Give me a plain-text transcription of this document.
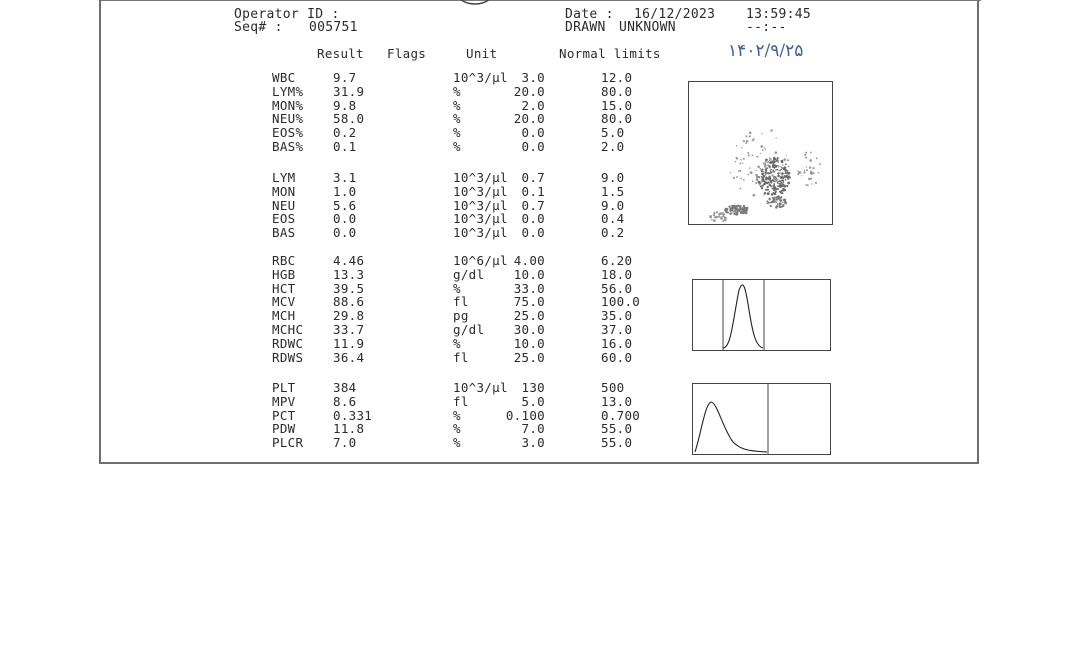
Operator ID :
Seq# : 005751
Date : 16/12/2023 13:59:45
DRAWN UNKNOWN	--:--
Result Flags	Unit	Normal limits	۱۴۰۲/۹/۲۵
WBC	9.7	10^3/µl	3.0	12.0
LYM% 31.9	%	20.0	80.0
MON% 9.8	%	2.0	15.0
NEU% 58.0	%	20.0	80.0
EOS% 0.2	%	0.0	5.0
BAS% 0.1	%	0.0	2.0
LYM	3.1	10^3/µl	0.7	9.0
MON	1.0	10^3/µl	0.1	1.5
NEU	5.6	10^3/µl	0.7	9.0
EOS	0.0	10^3/µl	0.0	0.4
BAS	0.0	10^3/µl	0.0	0.2
RBC	4.46	10^6/µl 4.00	6.20
HGB	13.3	g/dl	10.0	18.0
HCT	39.5	%	33.0	56.0
MCV	88.6	fl	75.0	100.0
MCH	29.8	pg	25.0	35.0
MCHC 33.7	g/dl	30.0	37.0
RDWC 11.9	%	10.0	16.0
RDWS 36.4	fl	25.0	60.0
PLT	384	10^3/µl	130	500
MPV	8.6	fl	5.0	13.0
PCT	0.331	%	0.100	0.700
PDW	11.8	%	7.0	55.0
PLCR 7.0	%	3.0	55.0
